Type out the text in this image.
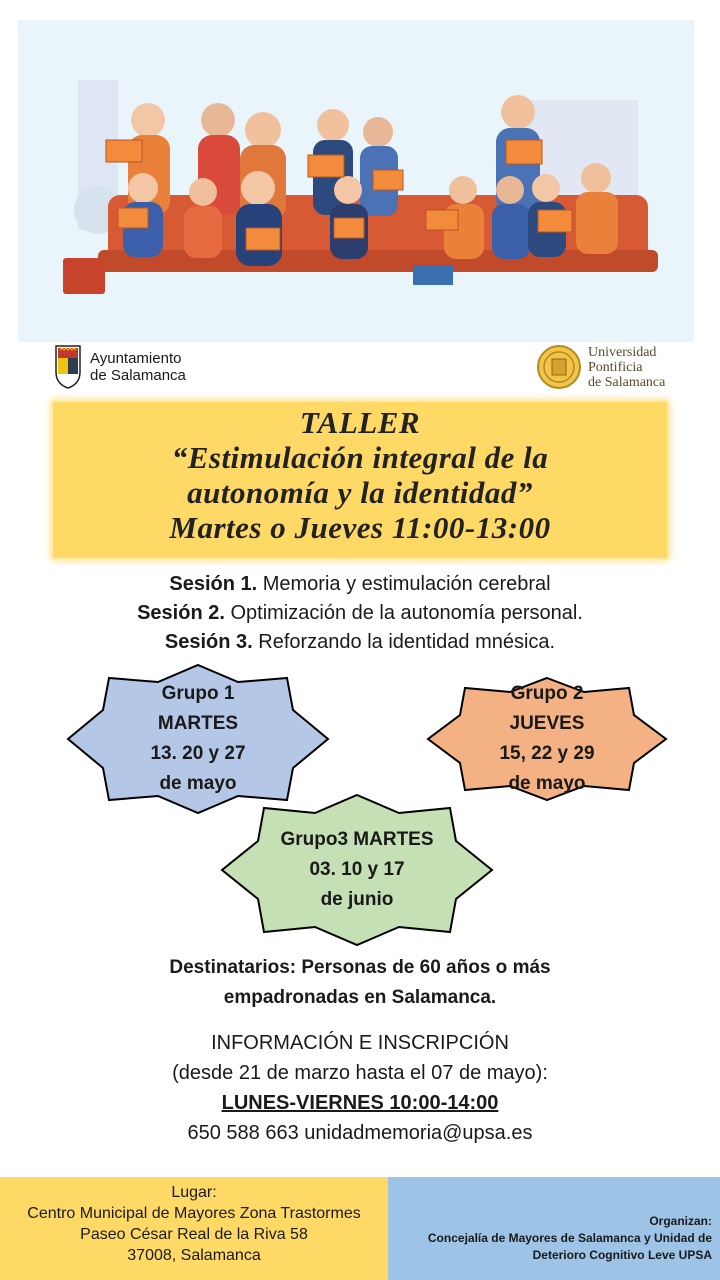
Ayuntamiento
de Salamanca
Universidad
Pontificia
de Salamanca
TALLER
“Estimulación integral de la
autonomía y la identidad”
Martes o Jueves 11:00-13:00
Sesión 1. Memoria y estimulación cerebral
Sesión 2. Optimización de la autonomía personal.
Sesión 3. Reforzando la identidad mnésica.
Grupo 1
MARTES
13. 20 y 27
de mayo
Grupo 2
JUEVES
15, 22 y 29
de mayo
Grupo3 MARTES
03. 10 y 17
de junio
Destinatarios: Personas de 60 años o más
empadronadas en Salamanca.
INFORMACIÓN E INSCRIPCIÓN
(desde 21 de marzo hasta el 07 de mayo):
LUNES-VIERNES 10:00-14:00
650 588 663 unidadmemoria@upsa.es
Lugar:
Centro Municipal de Mayores Zona Trastormes
Paseo César Real de la Riva 58
37008, Salamanca
Organizan:
Concejalía de Mayores de Salamanca y Unidad de
Deterioro Cognitivo Leve UPSA
